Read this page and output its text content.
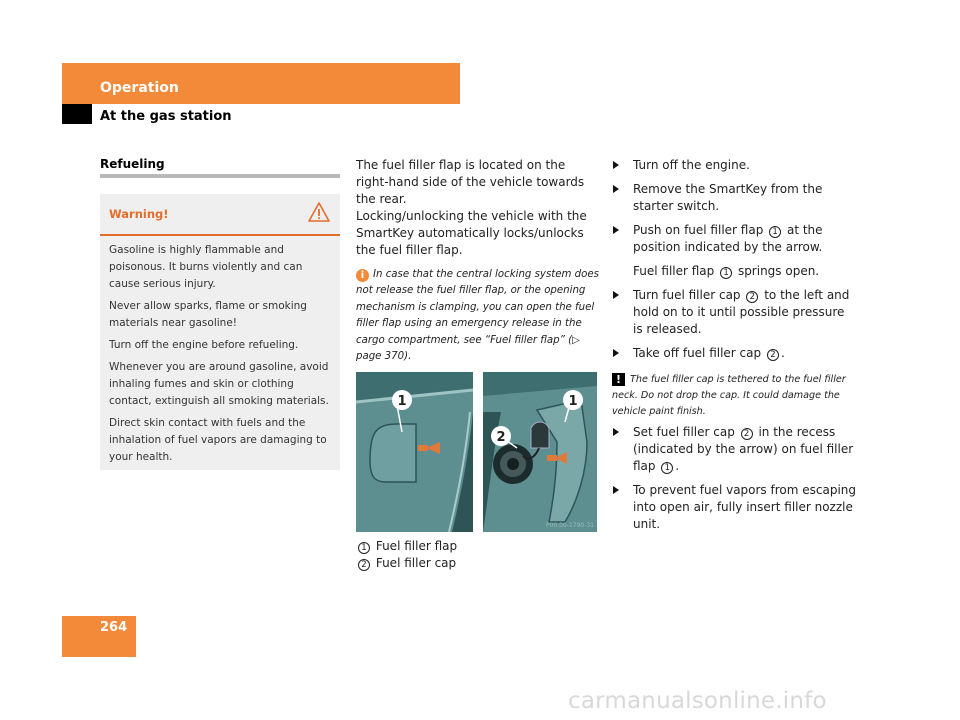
Operation
At the gas station
Refueling
Warning!

Gasoline is highly flammable and poisonous. It burns violently and can cause serious injury.

Never allow sparks, flame or smoking materials near gasoline!

Turn off the engine before refueling.

Whenever you are around gasoline, avoid inhaling fumes and skin or clothing contact, extinguish all smoking materials.

Direct skin contact with fuels and the inhalation of fuel vapors are damaging to your health.

The fuel filler flap is located on the right-hand side of the vehicle towards the rear.

Locking/unlocking the vehicle with the SmartKey automatically locks/unlocks the fuel filler flap.

i In case that the central locking system does not release the fuel filler flap, or the opening mechanism is clamping, you can open the fuel filler flap using an emergency release in the cargo compartment, see “Fuel filler flap” (▷ page 370).
1
2
1
P00.00-1790-31
1 Fuel filler flap
2 Fuel filler cap
Turn off the engine.
Remove the SmartKey from the starter switch.
Push on fuel filler flap 1 at the position indicated by the arrow.
Fuel filler flap 1 springs open.
Turn fuel filler cap 2 to the left and hold on to it until possible pressure is released.
Take off fuel filler cap 2 .
! The fuel filler cap is tethered to the fuel filler neck. Do not drop the cap. It could damage the vehicle paint finish.
Set fuel filler cap 2 in the recess (indicated by the arrow) on fuel filler flap 1 .
To prevent fuel vapors from escaping into open air, fully insert filler nozzle unit.
264
carmanualsonline.info
